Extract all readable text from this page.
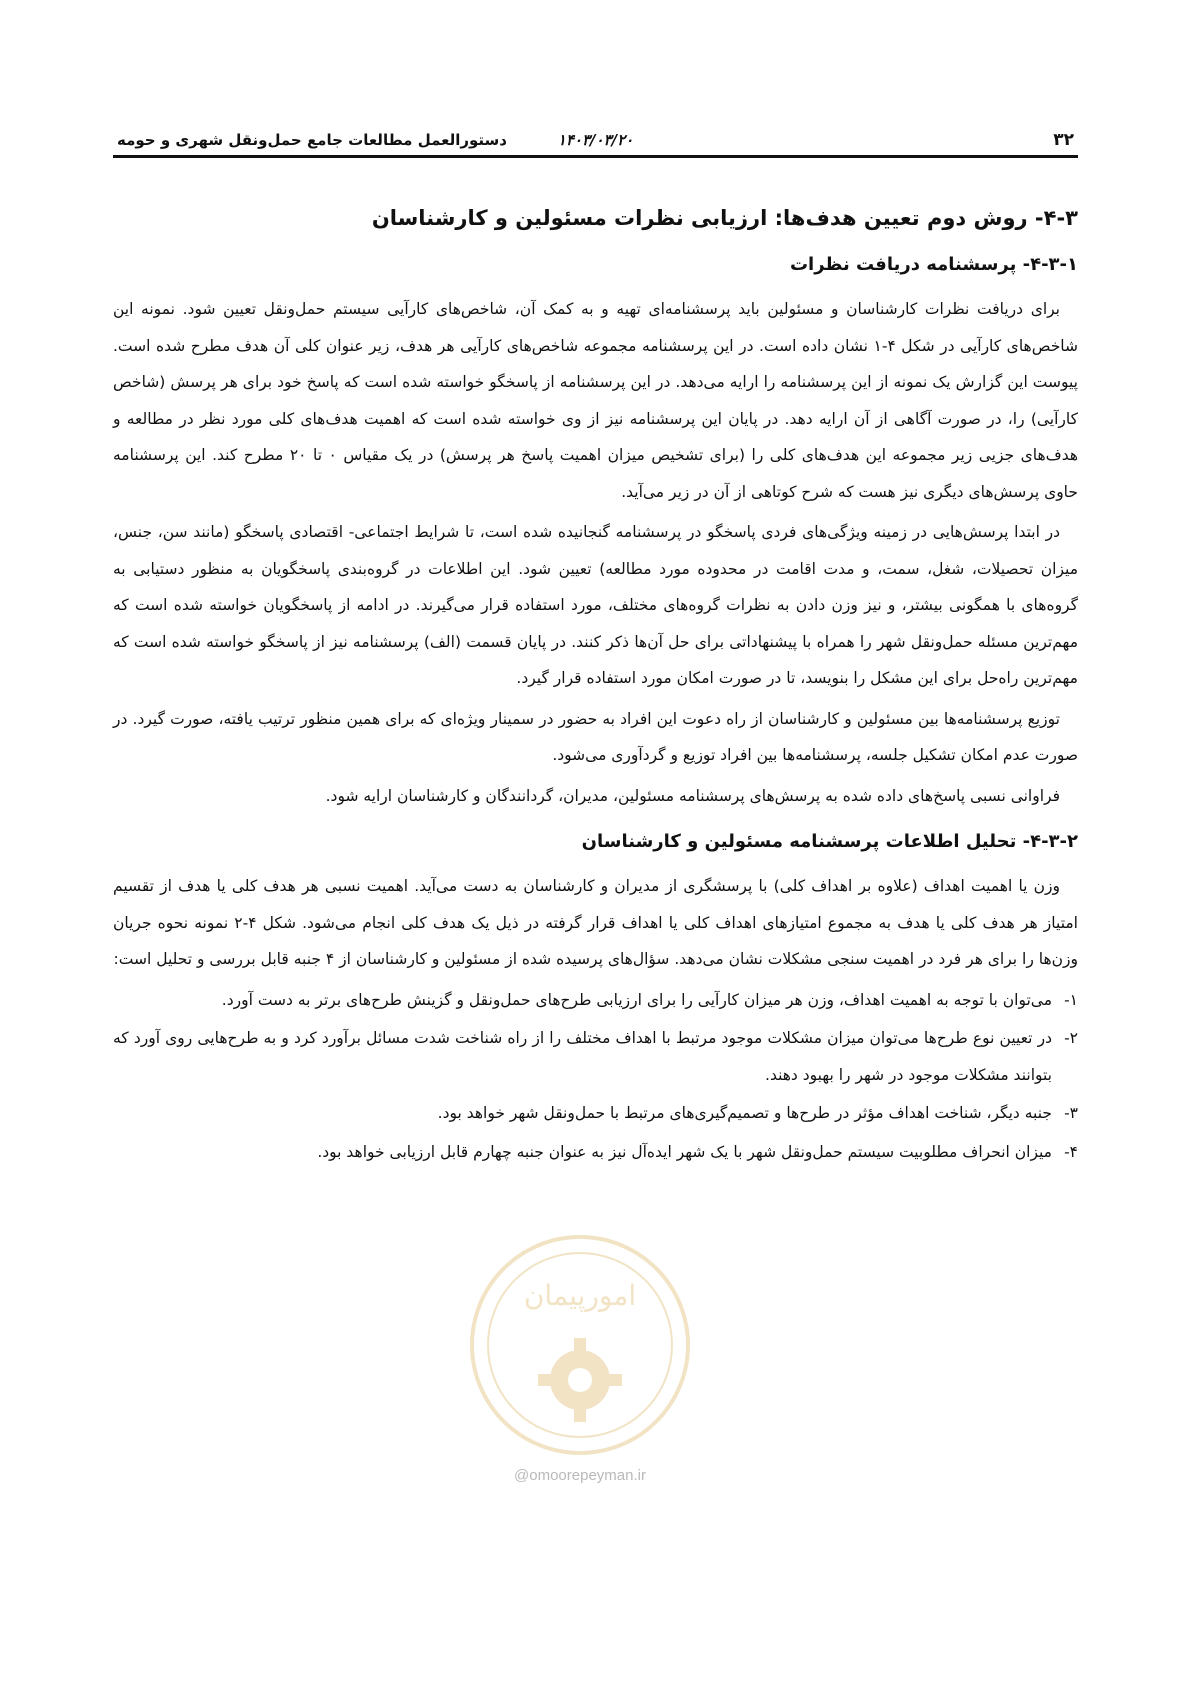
۳۲
۱۴۰۳/۰۳/۲۰
دستورالعمل مطالعات جامع حمل‌ونقل شهری و حومه
امورپیمان
@omoorepeyman.ir
۴-۳- روش دوم تعیین هدف‌ها: ارزیابی نظرات مسئولین و کارشناسان
۴-۳-۱- پرسشنامه دریافت نظرات

برای دریافت نظرات کارشناسان و مسئولین باید پرسشنامه‌ای تهیه و به کمک آن، شاخص‌های کارآیی سیستم حمل‌ونقل تعیین شود. نمونه این شاخص‌های کارآیی در شکل ۴-۱ نشان داده است. در این پرسشنامه مجموعه شاخص‌های کارآیی هر هدف، زیر عنوان کلی آن هدف مطرح شده است. پیوست این گزارش یک نمونه از این پرسشنامه را ارایه می‌دهد. در این پرسشنامه از پاسخگو خواسته شده است که پاسخ خود برای هر پرسش (شاخص کارآیی) را، در صورت آگاهی از آن ارایه دهد. در پایان این پرسشنامه نیز از وی خواسته شده است که اهمیت هدف‌های کلی مورد نظر در مطالعه و هدف‌های جزیی زیر مجموعه این هدف‌های کلی را (برای تشخیص میزان اهمیت پاسخ هر پرسش) در یک مقیاس ۰ تا ۲۰ مطرح کند. این پرسشنامه حاوی پرسش‌های دیگری نیز هست که شرح کوتاهی از آن در زیر می‌آید.

در ابتدا پرسش‌هایی در زمینه ویژگی‌های فردی پاسخگو در پرسشنامه گنجانیده شده است، تا شرایط اجتماعی- اقتصادی پاسخگو (مانند سن، جنس، میزان تحصیلات، شغل، سمت، و مدت اقامت در محدوده مورد مطالعه) تعیین شود. این اطلاعات در گروه‌بندی پاسخگویان به منظور دستیابی به گروه‌های با همگونی بیشتر، و نیز وزن دادن به نظرات گروه‌های مختلف، مورد استفاده قرار می‌گیرند. در ادامه از پاسخگویان خواسته شده است که مهم‌ترین مسئله حمل‌ونقل شهر را همراه با پیشنهاداتی برای حل آن‌ها ذکر کنند. در پایان قسمت (الف) پرسشنامه نیز از پاسخگو خواسته شده است که مهم‌ترین راه‌حل برای این مشکل را بنویسد، تا در صورت امکان مورد استفاده قرار گیرد.

توزیع پرسشنامه‌ها بین مسئولین و کارشناسان از راه دعوت این افراد به حضور در سمینار ویژه‌ای که برای همین منظور ترتیب یافته، صورت گیرد. در صورت عدم امکان تشکیل جلسه، پرسشنامه‌ها بین افراد توزیع و گردآوری می‌شود.

فراوانی نسبی پاسخ‌های داده شده به پرسش‌های پرسشنامه مسئولین، مدیران، گردانندگان و کارشناسان ارایه شود.

۴-۳-۲- تحلیل اطلاعات پرسشنامه مسئولین و کارشناسان

وزن یا اهمیت اهداف (علاوه بر اهداف کلی) با پرسشگری از مدیران و کارشناسان به دست می‌آید. اهمیت نسبی هر هدف کلی یا هدف از تقسیم امتیاز هر هدف کلی یا هدف به مجموع امتیازهای اهداف کلی یا اهداف قرار گرفته در ذیل یک هدف کلی انجام می‌شود. شکل ۴-۲ نمونه نحوه جریان وزن‌ها را برای هر فرد در اهمیت سنجی مشکلات نشان می‌دهد. سؤال‌های پرسیده شده از مسئولین و کارشناسان از ۴ جنبه قابل بررسی و تحلیل است:

۱-می‌توان با توجه به اهمیت اهداف، وزن هر میزان کارآیی را برای ارزیابی طرح‌های حمل‌ونقل و گزینش طرح‌های برتر به دست آورد.
۲-در تعیین نوع طرح‌ها می‌توان میزان مشکلات موجود مرتبط با اهداف مختلف را از راه شناخت شدت مسائل برآورد کرد و به طرح‌هایی روی آورد که بتوانند مشکلات موجود در شهر را بهبود دهند.
۳-جنبه دیگر، شناخت اهداف مؤثر در طرح‌ها و تصمیم‌گیری‌های مرتبط با حمل‌ونقل شهر خواهد بود.
۴-میزان انحراف مطلوبیت سیستم حمل‌ونقل شهر با یک شهر ایده‌آل نیز به عنوان جنبه چهارم قابل ارزیابی خواهد بود.
